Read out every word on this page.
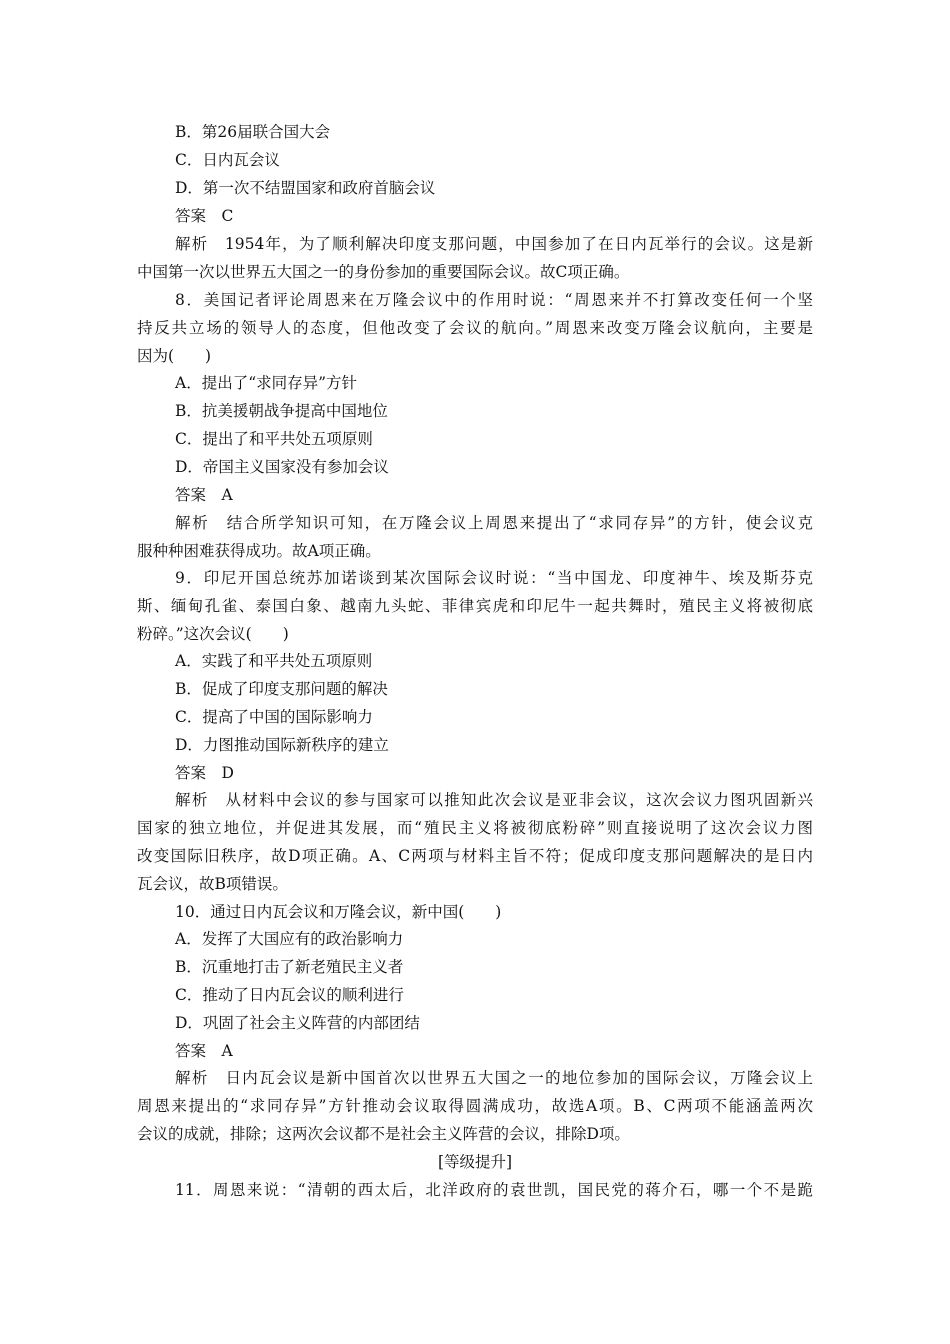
B．第26届联合国大会
C．日内瓦会议
D．第一次不结盟国家和政府首脑会议
答案　C
解析　1954年，为了顺利解决印度支那问题，中国参加了在日内瓦举行的会议。这是新
中国第一次以世界五大国之一的身份参加的重要国际会议。故C项正确。
8．美国记者评论周恩来在万隆会议中的作用时说：“周恩来并不打算改变任何一个坚
持反共立场的领导人的态度，但他改变了会议的航向。”周恩来改变万隆会议航向，主要是
因为(　　)
A．提出了“求同存异”方针
B．抗美援朝战争提高中国地位
C．提出了和平共处五项原则
D．帝国主义国家没有参加会议
答案　A
解析　结合所学知识可知，在万隆会议上周恩来提出了“求同存异”的方针，使会议克
服种种困难获得成功。故A项正确。
9．印尼开国总统苏加诺谈到某次国际会议时说：“当中国龙、印度神牛、埃及斯芬克
斯、缅甸孔雀、泰国白象、越南九头蛇、菲律宾虎和印尼牛一起共舞时，殖民主义将被彻底
粉碎。”这次会议(　　)
A．实践了和平共处五项原则
B．促成了印度支那问题的解决
C．提高了中国的国际影响力
D．力图推动国际新秩序的建立
答案　D
解析　从材料中会议的参与国家可以推知此次会议是亚非会议，这次会议力图巩固新兴
国家的独立地位，并促进其发展，而“殖民主义将被彻底粉碎”则直接说明了这次会议力图
改变国际旧秩序，故D项正确。A、C两项与材料主旨不符；促成印度支那问题解决的是日内
瓦会议，故B项错误。
10．通过日内瓦会议和万隆会议，新中国(　　)
A．发挥了大国应有的政治影响力
B．沉重地打击了新老殖民主义者
C．推动了日内瓦会议的顺利进行
D．巩固了社会主义阵营的内部团结
答案　A
解析　日内瓦会议是新中国首次以世界五大国之一的地位参加的国际会议，万隆会议上
周恩来提出的“求同存异”方针推动会议取得圆满成功，故选A项。B、C两项不能涵盖两次
会议的成就，排除；这两次会议都不是社会主义阵营的会议，排除D项。
[等级提升]
11．周恩来说：“清朝的西太后，北洋政府的袁世凯，国民党的蒋介石，哪一个不是跪
